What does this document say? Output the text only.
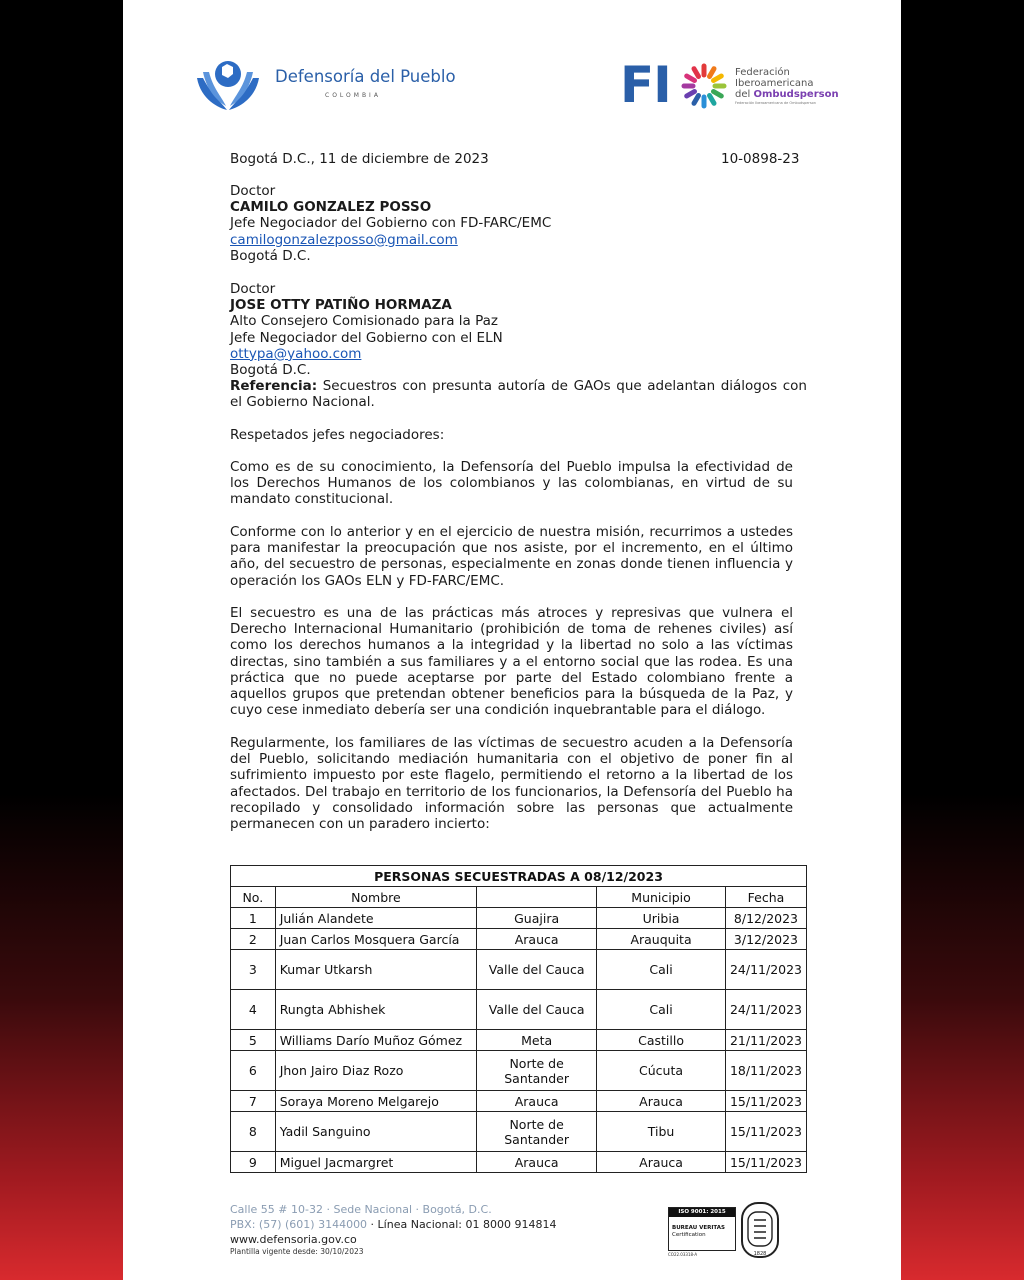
Defensoría del Pueblo
COLOMBIA	FI	Federación
Iberoamericana
del Ombudsperson
Federación Iberoamericana de Ombudsperson
Bogotá D.C., 11 de diciembre de 2023	10-0898-23
Doctor
CAMILO GONZALEZ POSSO
Jefe Negociador del Gobierno con FD-FARC/EMC
camilogonzalezposso@gmail.com
Bogotá D.C.
Doctor
JOSE OTTY PATIÑO HORMAZA
Alto Consejero Comisionado para la Paz
Jefe Negociador del Gobierno con el ELN
ottypa@yahoo.com
Bogotá D.C.
Referencia: Secuestros con presunta autoría de GAOs que adelantan diálogos con el Gobierno Nacional.
Respetados jefes negociadores:
Como es de su conocimiento, la Defensoría del Pueblo impulsa la efectividad de los Derechos Humanos de los colombianos y las colombianas, en virtud de su mandato constitucional.
Conforme con lo anterior y en el ejercicio de nuestra misión, recurrimos a ustedes para manifestar la preocupación que nos asiste, por el incremento, en el último año, del secuestro de personas, especialmente en zonas donde tienen influencia y operación los GAOs ELN y FD-FARC/EMC.
El secuestro es una de las prácticas más atroces y represivas que vulnera el Derecho Internacional Humanitario (prohibición de toma de rehenes civiles) así como los derechos humanos a la integridad y la libertad no solo a las víctimas directas, sino también a sus familiares y a el entorno social que las rodea. Es una práctica que no puede aceptarse por parte del Estado colombiano frente a aquellos grupos que pretendan obtener beneficios para la búsqueda de la Paz, y cuyo cese inmediato debería ser una condición inquebrantable para el diálogo.
Regularmente, los familiares de las víctimas de secuestro acuden a la Defensoría del Pueblo, solicitando mediación humanitaria con el objetivo de poner fin al sufrimiento impuesto por este flagelo, permitiendo el retorno a la libertad de los afectados. Del trabajo en territorio de los funcionarios, la Defensoría del Pueblo ha recopilado y consolidado información sobre las personas que actualmente permanecen con un paradero incierto:
PERSONAS SECUESTRADAS A 08/12/2023				
No.	Nombre		Municipio	Fecha
1	Julián Alandete	Guajira	Uribia	8/12/2023
2	Juan Carlos Mosquera García	Arauca	Arauquita	3/12/2023
3	Kumar Utkarsh	Valle del Cauca	Cali	24/11/2023
4	Rungta Abhishek	Valle del Cauca	Cali	24/11/2023
5	Williams Darío Muñoz Gómez	Meta	Castillo	21/11/2023
6	Jhon Jairo Diaz Rozo	Norte de Santander	Cúcuta	18/11/2023
7	Soraya Moreno Melgarejo	Arauca	Arauca	15/11/2023
8	Yadil Sanguino	Norte de Santander	Tibu	15/11/2023
9	Miguel Jacmargret	Arauca	Arauca	15/11/2023
Calle 55 # 10-32 · Sede Nacional · Bogotá, D.C.
PBX: (57) (601) 3144000 · Línea Nacional: 01 8000 914814
www.defensoria.gov.co
Plantilla vigente desde: 30/10/2023
ISO 9001: 2015
BUREAU VERITAS
Certification
CO22.03318-A	1828
